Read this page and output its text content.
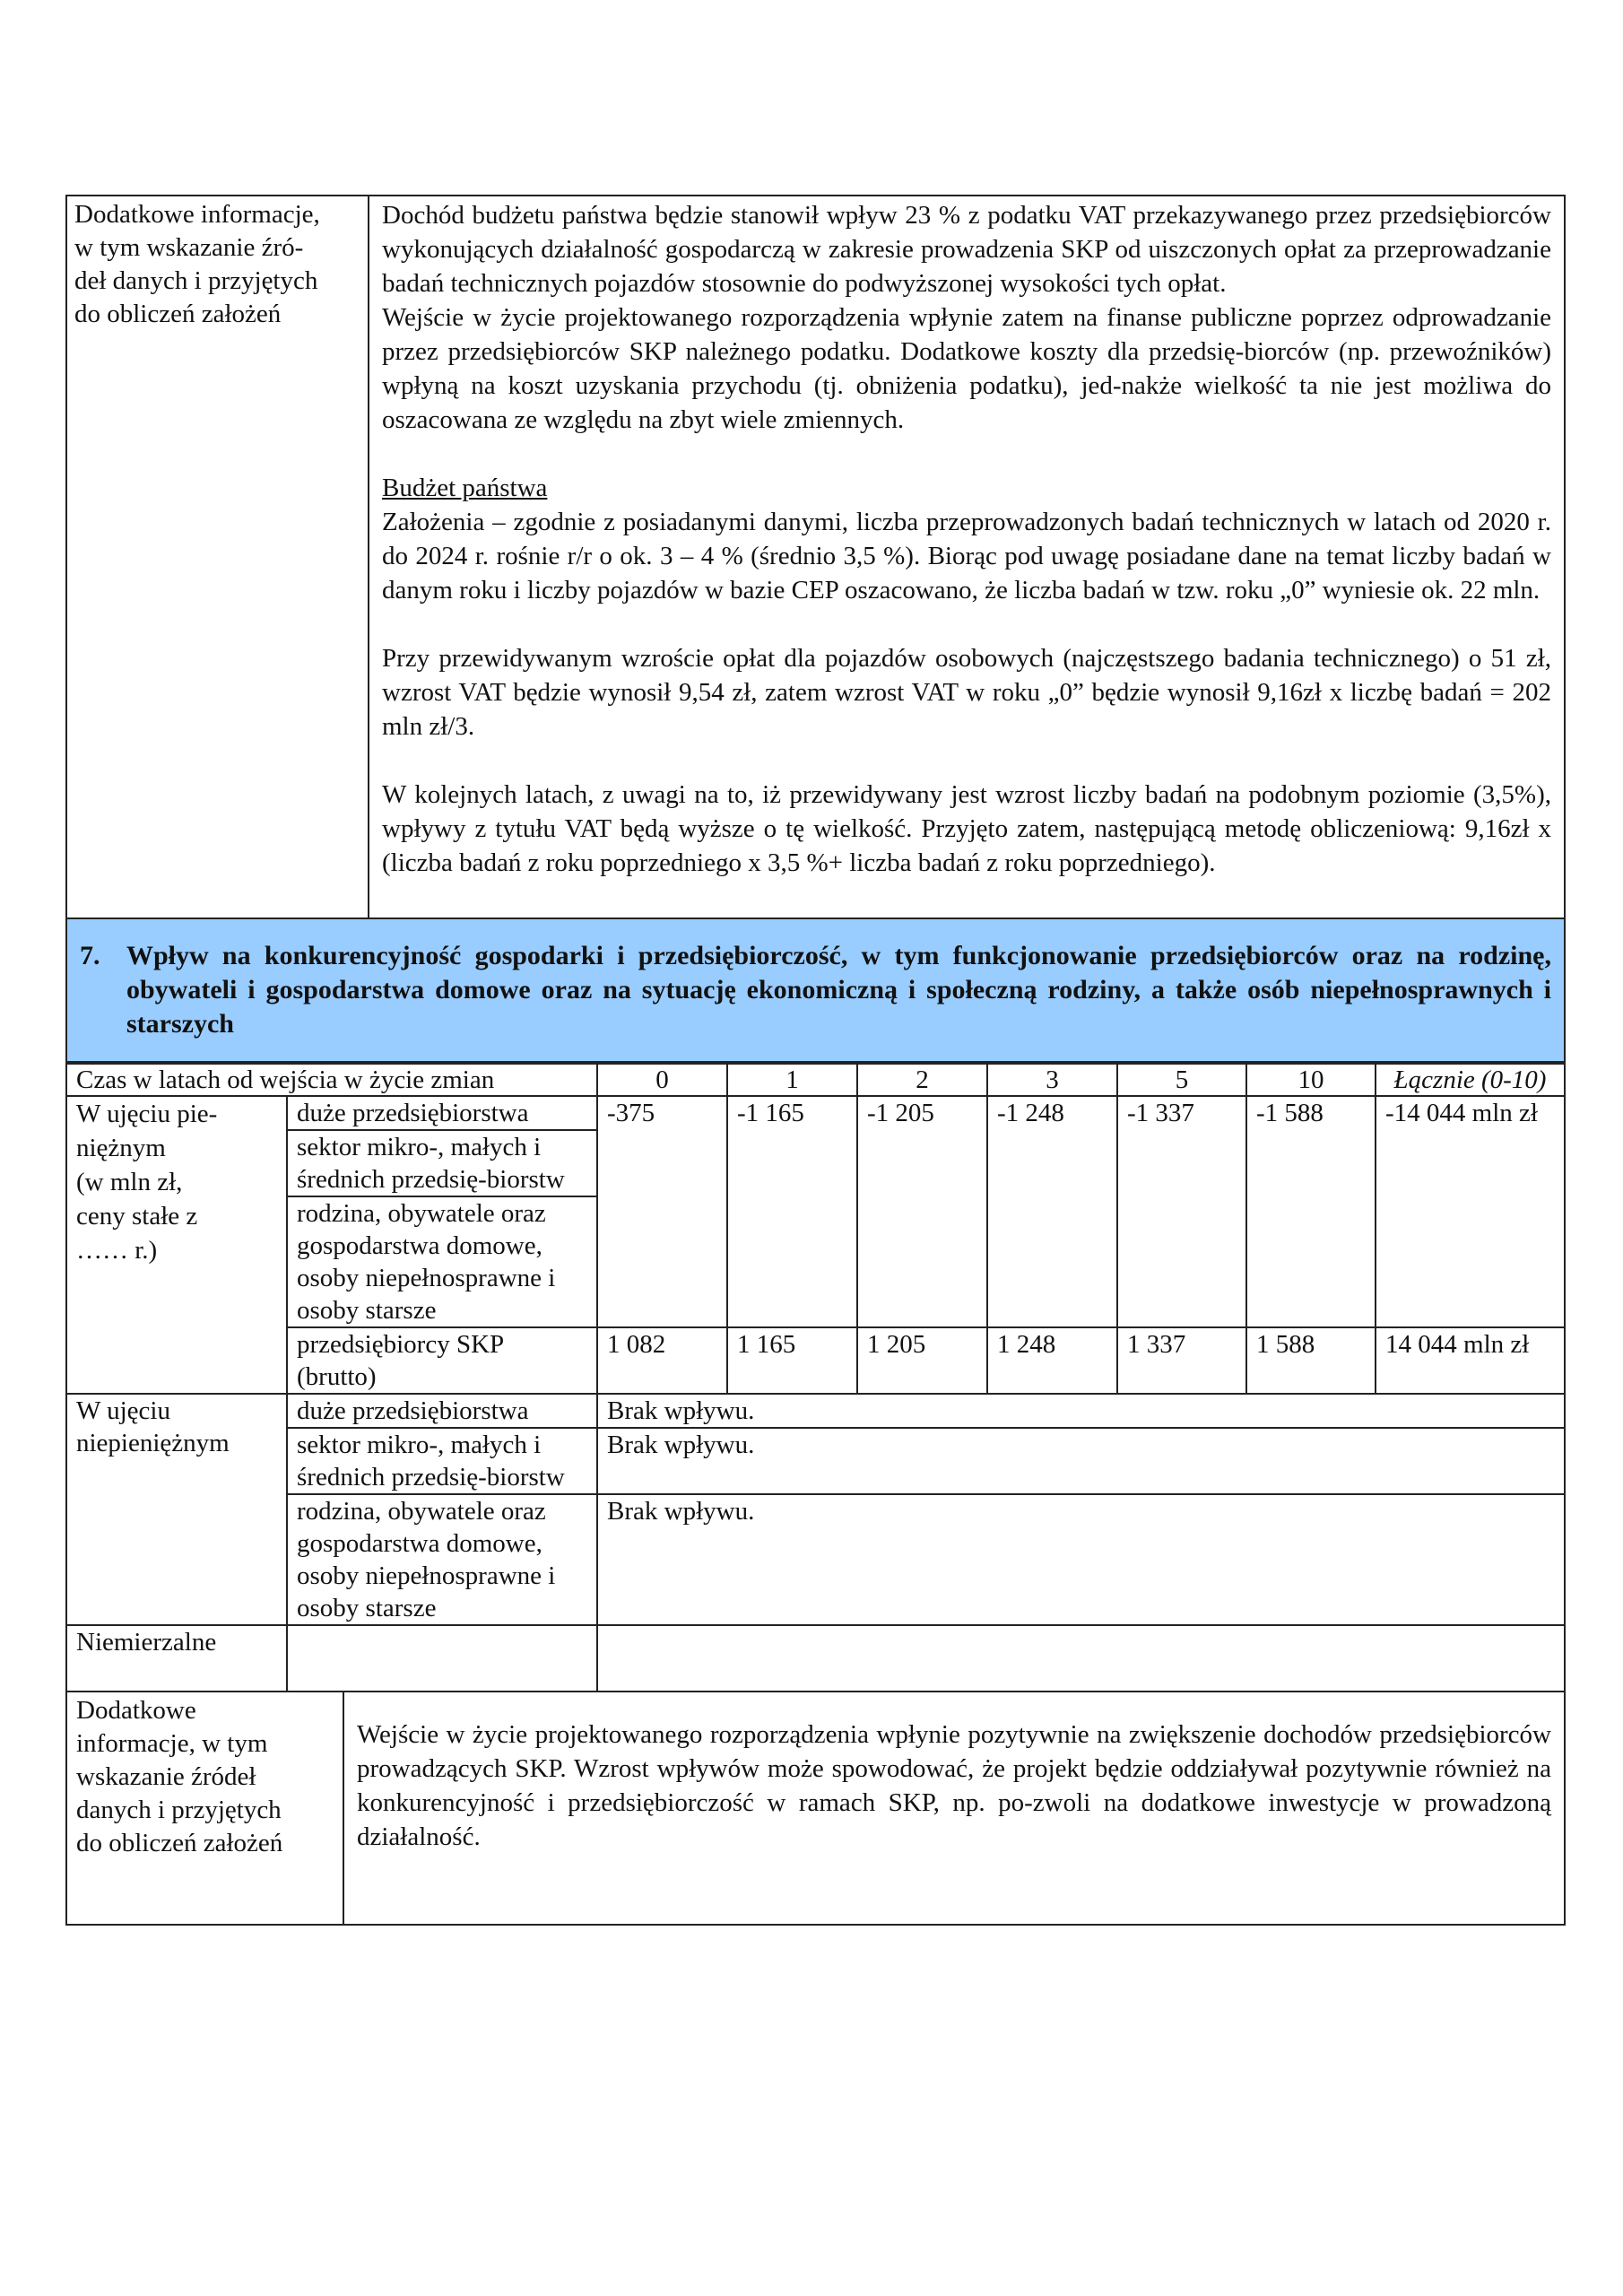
Dodatkowe informacje,
w tym wskazanie źró-
deł danych i przyjętych
do obliczeń założeń

Dochód budżetu państwa będzie stanowił wpływ 23 % z podatku VAT przekazywanego przez przedsiębiorców wykonujących działalność gospodarczą w zakresie prowadzenia SKP od uiszczonych opłat za przeprowadzanie badań technicznych pojazdów stosownie do podwyższonej wysokości tych opłat.
Wejście w życie projektowanego rozporządzenia wpłynie zatem na finanse publiczne poprzez odprowadzanie przez przedsiębiorców SKP należnego podatku. Dodatkowe koszty dla przedsię-biorców (np. przewoźników) wpłyną na koszt uzyskania przychodu (tj. obniżenia podatku), jed-nakże wielkość ta nie jest możliwa do oszacowana ze względu na zbyt wiele zmiennych.
Budżet państwa
Założenia – zgodnie z posiadanymi danymi, liczba przeprowadzonych badań technicznych w latach od 2020 r. do 2024 r. rośnie r/r o ok. 3 – 4 % (średnio 3,5 %). Biorąc pod uwagę posiadane dane na temat liczby badań w danym roku i liczby pojazdów w bazie CEP oszacowano, że liczba badań w tzw. roku „0” wyniesie ok. 22 mln.
Przy przewidywanym wzroście opłat dla pojazdów osobowych (najczęstszego badania technicznego) o 51 zł, wzrost VAT będzie wynosił 9,54 zł, zatem wzrost VAT w roku „0” będzie wynosił 9,16zł x liczbę badań = 202 mln zł/3.
W kolejnych latach, z uwagi na to, iż przewidywany jest wzrost liczby badań na podobnym poziomie (3,5%), wpływy z tytułu VAT będą wyższe o tę wielkość. Przyjęto zatem, następującą metodę obliczeniową: 9,16zł x (liczba badań z roku poprzedniego x 3,5 %+ liczba badań z roku poprzedniego).
7. Wpływ na konkurencyjność gospodarki i przedsiębiorczość, w tym funkcjonowanie przedsiębiorców oraz na rodzinę, obywateli i gospodarstwa domowe oraz na sytuację ekonomiczną i społeczną rodziny, a także osób niepełnosprawnych i starszych
Czas w latach od wejścia w życie zmian		0	1	2	3	5	10	Łącznie (0-10)

W ujęciu pie-
niężnym
(w mln zł,
ceny stałe z
…… r.)	duże przedsiębiorstwa	-375	-1 165	-1 205	-1 248	-1 337	-1 588	-14 044 mln zł
	sektor mikro-, małych i średnich przedsię-biorstw							
	rodzina, obywatele oraz gospodarstwa domowe, osoby niepełnosprawne i osoby starsze							
	przedsiębiorcy SKP (brutto)	1 082	1 165	1 205	1 248	1 337	1 588	14 044 mln zł

W ujęciu
niepieniężnym	duże przedsiębiorstwa	Brak wpływu.						
	sektor mikro-, małych i średnich przedsię-biorstw	Brak wpływu.						
	rodzina, obywatele oraz gospodarstwa domowe, osoby niepełnosprawne i osoby starsze	Brak wpływu.						
Niemierzalne								
Dodatkowe
informacje, w tym
wskazanie źródeł
danych i przyjętych
do obliczeń założeń

Wejście w życie projektowanego rozporządzenia wpłynie pozytywnie na zwiększenie dochodów przedsiębiorców prowadzących SKP. Wzrost wpływów może spowodować, że projekt będzie oddziaływał pozytywnie również na konkurencyjność i przedsiębiorczość w ramach SKP, np. po-zwoli na dodatkowe inwestycje w prowadzoną działalność.
